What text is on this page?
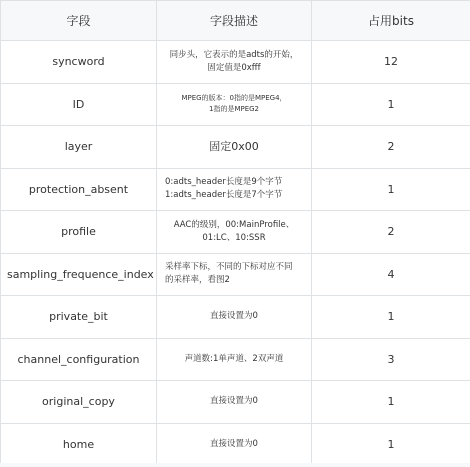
字段	字段描述	占用bits
syncword	同步头，它表示的是adts的开始，
固定值是0xfff	12
ID	MPEG的版本：0指的是MPEG4，
1指的是MPEG2	1
layer	固定0x00	2
protection_absent	0:adts_header长度是9个字节
1:adts_header长度是7个字节	1
profile	AAC的级别，00:MainProfile、
01:LC、10:SSR	2
sampling_frequence_index	采样率下标，不同的下标对应不同
的采样率，看图2	4
private_bit	直接设置为0	1
channel_configuration	声道数:1单声道、2双声道	3
original_copy	直接设置为0	1
home	直接设置为0	1
